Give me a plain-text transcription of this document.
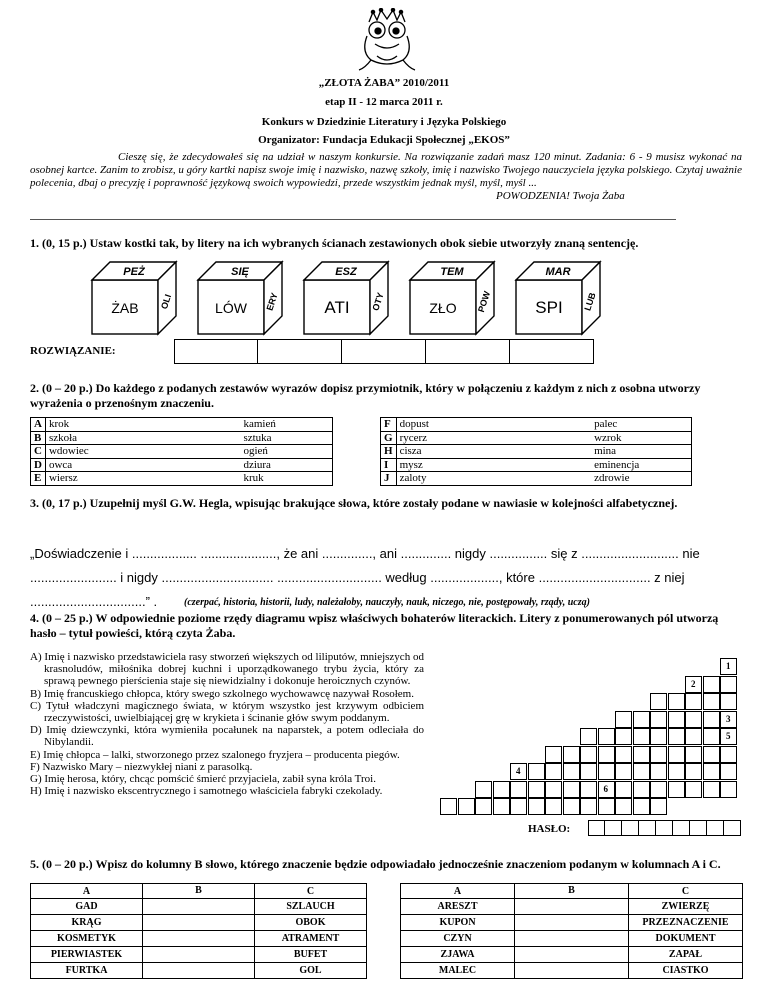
„ZŁOTA ŻABA” 2010/2011
etap II - 12 marca 2011 r.
Konkurs w Dziedzinie Literatury i Języka Polskiego
Organizator: Fundacja Edukacji Społecznej „EKOS”
Cieszę się, że zdecydowałeś się na udział w naszym konkursie. Na rozwiązanie zadań masz 120 minut. Zadania: 6 - 9 musisz wykonać na osobnej kartce. Zanim to zrobisz, u góry kartki napisz swoje imię i nazwisko, nazwę szkoły, imię i nazwisko Twojego nauczyciela języka polskiego. Czytaj uważnie polecenia, dbaj o precyzję i poprawność językową swoich wypowiedzi, przede wszystkim jednak myśl, myśl, myśl ...
POWODZENIA! Twoja Żaba
1. (0, 15 p.) Ustaw kostki tak, by litery na ich wybranych ścianach zestawionych obok siebie utworzyły znaną sentencję.
PEŻ
ŻAB OLI
SIĘ
LÓW ERY
ESZ
ATI OTY
TEM
ZŁO POW
MAR
SPI LUB
ROZWIĄZANIE:
2. (0 – 20 p.) Do każdego z podanych zestawów wyrazów dopisz przymiotnik, który w połączeniu z każdym z nich z osobna utworzy wyrażenia o przenośnym znaczeniu.
A	krok		kamień
B	szkoła		sztuka
C	wdowiec		ogień
D	owca		dziura
E	wiersz		kruk
F	dopust		palec
G	rycerz		wzrok
H	cisza		mina
I	mysz		eminencja
J	zaloty		zdrowie
3. (0, 17 p.) Uzupełnij myśl G.W. Hegla, wpisując brakujące słowa, które zostały podane w nawiasie w kolejności alfabetycznej.
„Doświadczenie i .................. ....................., że ani .............., ani .............. nigdy ................ się z ........................... nie
........................ i nigdy ............................... ............................. według ..................., które ............................... z niej
................................” .	(czerpać, historia, historii, ludy, należałoby, nauczyły, nauk, niczego, nie, postępowały, rządy, uczą)
4. (0 – 25 p.) W odpowiednie poziome rzędy diagramu wpisz właściwych bohaterów literackich. Litery z ponumerowanych pól utworzą hasło – tytuł powieści, którą czyta Żaba.
A) Imię i nazwisko przedstawiciela rasy stworzeń większych od liliputów, mniejszych od krasnoludów, miłośnika dobrej kuchni i uporządkowanego trybu życia, który za sprawą pewnego pierścienia staje się niewidzialny i dokonuje heroicznych czynów.
B) Imię francuskiego chłopca, który swego szkolnego wychowawcę nazywał Rosołem.
C) Tytuł władczyni magicznego świata, w którym wszystko jest krzywym odbiciem rzeczywistości, uwielbiającej grę w krykieta i ścinanie głów swym poddanym.
D) Imię dziewczynki, która wymieniła pocałunek na naparstek, a potem odleciała do Nibylandii.
E) Imię chłopca – lalki, stworzonego przez szalonego fryzjera – producenta piegów.
F) Nazwisko Mary – niezwykłej niani z parasolką.
G) Imię herosa, który, chcąc pomścić śmierć przyjaciela, zabił syna króla Troi.
H) Imię i nazwisko ekscentrycznego i samotnego właściciela fabryki czekolady.
1
2
3
5
4
6
HASŁO:
5. (0 – 20 p.) Wpisz do kolumny B słowo, którego znaczenie będzie odpowiadało jednocześnie znaczeniom podanym w kolumnach A i C.
A	B	C
GAD		SZLAUCH
KRĄG		OBOK
KOSMETYK		ATRAMENT
PIERWIASTEK		BUFET
FURTKA		GOL
A	B	C
ARESZT		ZWIERZĘ
KUPON		PRZEZNACZENIE
CZYN		DOKUMENT
ZJAWA		ZAPAŁ
MALEC		CIASTKO
